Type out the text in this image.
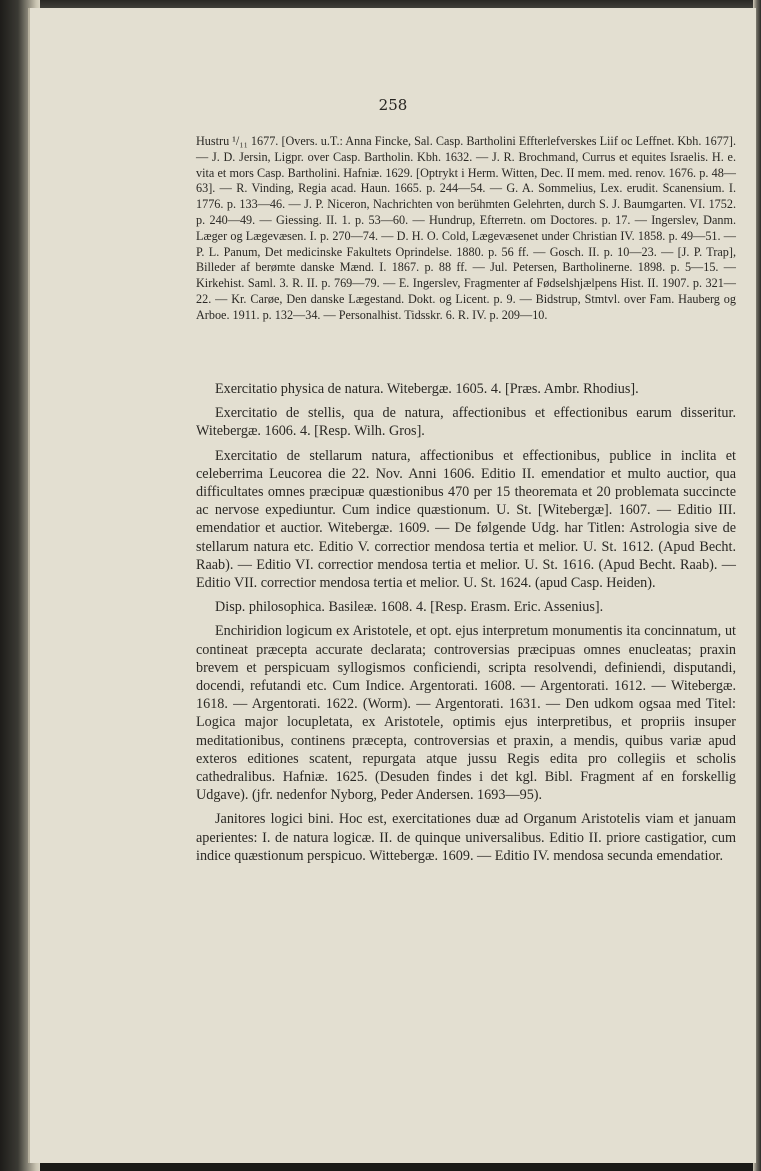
258
Hustru ¹/₁₁ 1677. [Overs. u.T.: Anna Fincke, Sal. Casp. Bartholini Effterlefverskes Liif oc Leffnet. Kbh. 1677]. — J. D. Jersin, Ligpr. over Casp. Bartholin. Kbh. 1632. — J. R. Brochmand, Currus et equites Israelis. H. e. vita et mors Casp. Bartholini. Hafniæ. 1629. [Optrykt i Herm. Witten, Dec. II mem. med. renov. 1676. p. 48—63]. — R. Vinding, Regia acad. Haun. 1665. p. 244—54. — G. A. Sommelius, Lex. erudit. Scanensium. I. 1776. p. 133—46. — J. P. Niceron, Nachrichten von berühmten Gelehrten, durch S. J. Baumgarten. VI. 1752. p. 240—49. — Giessing. II. 1. p. 53—60. — Hundrup, Efterretn. om Doctores. p. 17. — Ingerslev, Danm. Læger og Lægevæsen. I. p. 270—74. — D. H. O. Cold, Lægevæsenet under Christian IV. 1858. p. 49—51. — P. L. Panum, Det medicinske Fakultets Oprindelse. 1880. p. 56 ff. — Gosch. II. p. 10—23. — [J. P. Trap], Billeder af berømte danske Mænd. I. 1867. p. 88 ff. — Jul. Petersen, Bartholinerne. 1898. p. 5—15. — Kirkehist. Saml. 3. R. II. p. 769—79. — E. Ingerslev, Fragmenter af Fødselshjælpens Hist. II. 1907. p. 321—22. — Kr. Carøe, Den danske Lægestand. Dokt. og Licent. p. 9. — Bidstrup, Stmtvl. over Fam. Hauberg og Arboe. 1911. p. 132—34. — Personalhist. Tidsskr. 6. R. IV. p. 209—10.

Exercitatio physica de natura. Witebergæ. 1605. 4. [Præs. Ambr. Rhodius].

Exercitatio de stellis, qua de natura, affectionibus et effectionibus earum disseritur. Witebergæ. 1606. 4. [Resp. Wilh. Gros].

Exercitatio de stellarum natura, affectionibus et effectionibus, publice in inclita et celeberrima Leucorea die 22. Nov. Anni 1606. Editio II. emendatior et multo auctior, qua difficultates omnes præcipuæ quæstionibus 470 per 15 theoremata et 20 problemata succincte ac nervose expediuntur. Cum indice quæstionum. U. St. [Witebergæ]. 1607. — Editio III. emendatior et auctior. Witebergæ. 1609. — De følgende Udg. har Titlen: Astrologia sive de stellarum natura etc. Editio V. correctior mendosa tertia et melior. U. St. 1612. (Apud Becht. Raab). — Editio VI. correctior mendosa tertia et melior. U. St. 1616. (Apud Becht. Raab). — Editio VII. correctior mendosa tertia et melior. U. St. 1624. (apud Casp. Heiden).

Disp. philosophica. Basileæ. 1608. 4. [Resp. Erasm. Eric. Assenius].

Enchiridion logicum ex Aristotele, et opt. ejus interpretum monumentis ita concinnatum, ut contineat præcepta accurate declarata; controversias præcipuas omnes enucleatas; praxin brevem et perspicuam syllogismos conficiendi, scripta resolvendi, definiendi, disputandi, docendi, refutandi etc. Cum Indice. Argentorati. 1608. — Argentorati. 1612. — Witebergæ. 1618. — Argentorati. 1622. (Worm). — Argentorati. 1631. — Den udkom ogsaa med Titel: Logica major locupletata, ex Aristotele, optimis ejus interpretibus, et propriis insuper meditationibus, continens præcepta, controversias et praxin, a mendis, quibus variæ apud exteros editiones scatent, repurgata atque jussu Regis edita pro collegiis et scholis cathedralibus. Hafniæ. 1625. (Desuden findes i det kgl. Bibl. Fragment af en forskellig Udgave). (jfr. nedenfor Nyborg, Peder Andersen. 1693—95).

Janitores logici bini. Hoc est, exercitationes duæ ad Organum Aristotelis viam et januam aperientes: I. de natura logicæ. II. de quinque universalibus. Editio II. priore castigatior, cum indice quæstionum perspicuo. Wittebergæ. 1609. — Editio IV. mendosa secunda emendatior.
